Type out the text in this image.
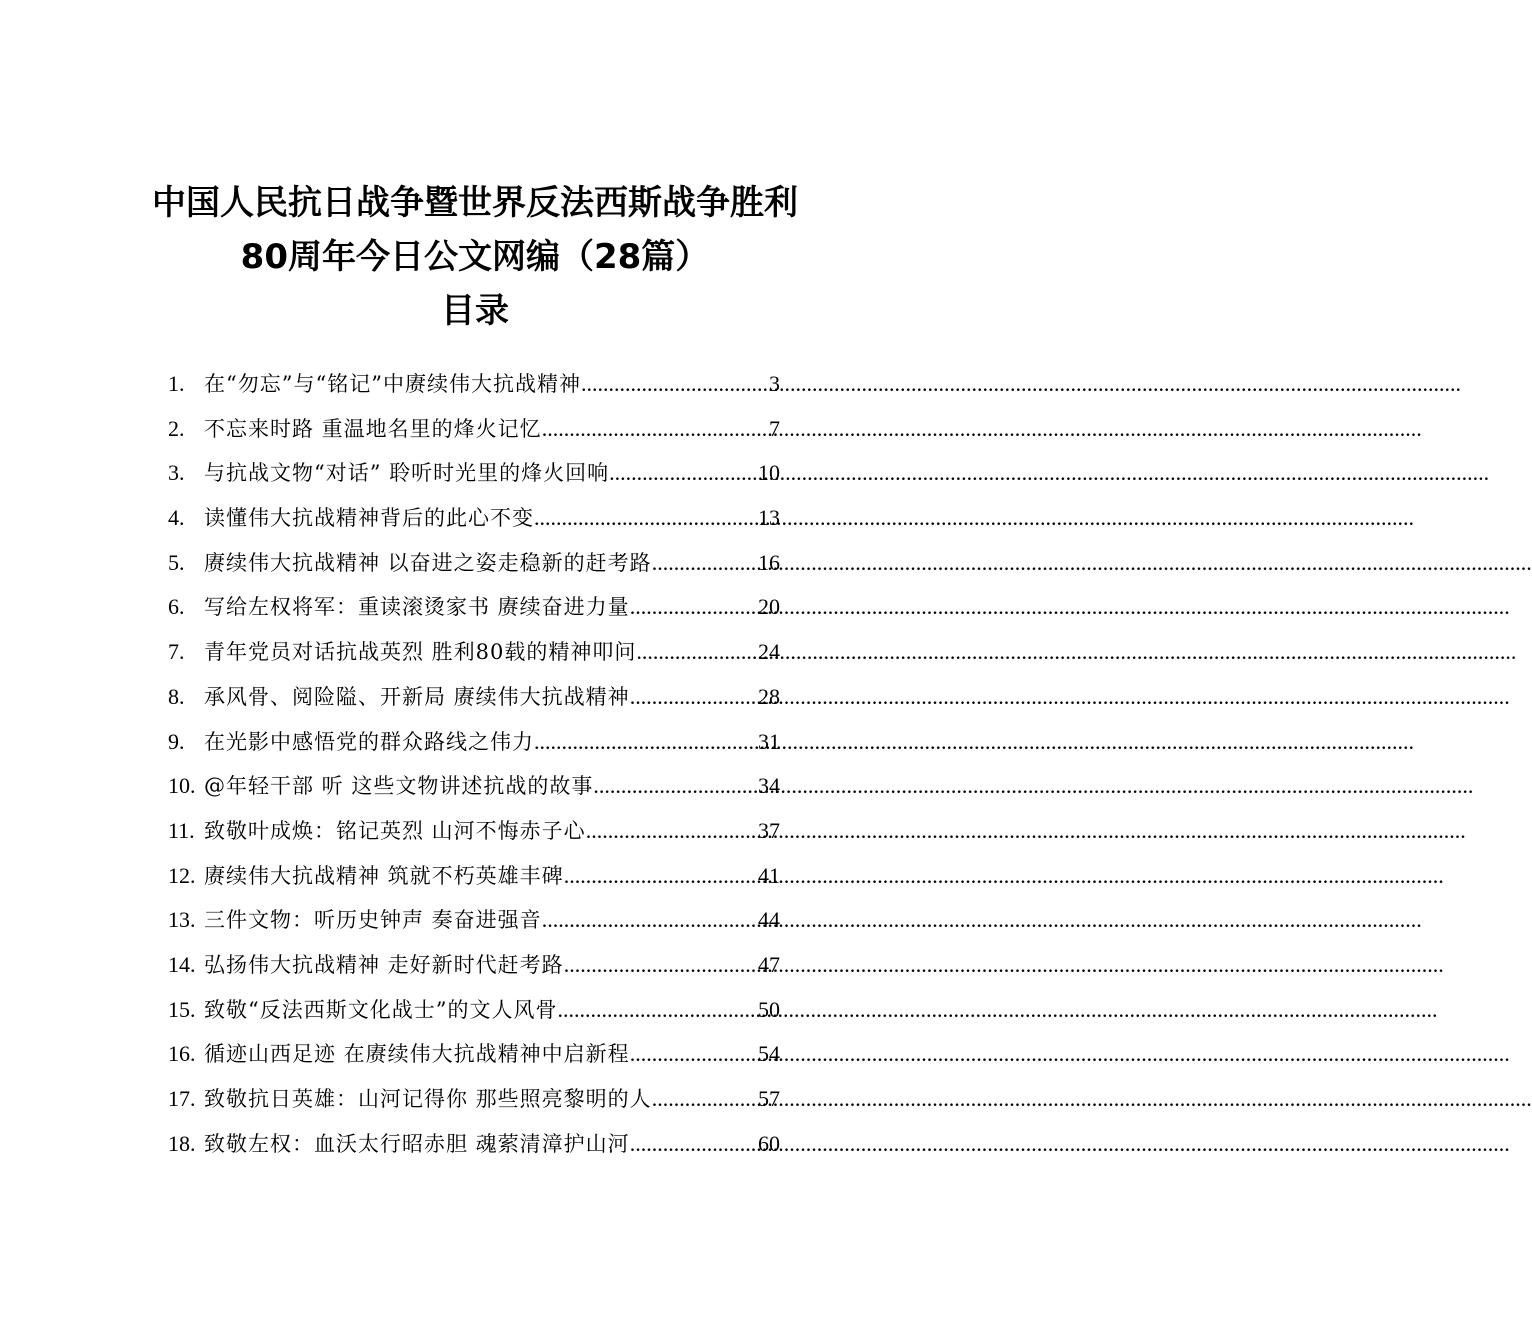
中国人民抗日战争暨世界反法西斯战争胜利
80周年今日公文网编（28篇）
目录
1. 在“勿忘”与“铭记”中赓续伟大抗战精神 .....	3
2. 不忘来时路 重温地名里的烽火记忆 .....	7
3. 与抗战文物“对话” 聆听时光里的烽火回响 .....	10
4. 读懂伟大抗战精神背后的此心不变 .....	13
5. 赓续伟大抗战精神 以奋进之姿走稳新的赶考路 .....	16
6. 写给左权将军：重读滚烫家书 赓续奋进力量 .....	20
7. 青年党员对话抗战英烈 胜利80载的精神叩问 .....	24
8. 承风骨、阅险隘、开新局 赓续伟大抗战精神 .....	28
9. 在光影中感悟党的群众路线之伟力 .....	31
10. @年轻干部 听 这些文物讲述抗战的故事 .....	34
11. 致敬叶成焕：铭记英烈 山河不悔赤子心 .....	37
12. 赓续伟大抗战精神 筑就不朽英雄丰碑 .....	41
13. 三件文物：听历史钟声 奏奋进强音 .....	44
14. 弘扬伟大抗战精神 走好新时代赶考路 .....	47
15. 致敬“反法西斯文化战士”的文人风骨 .....	50
16. 循迹山西足迹 在赓续伟大抗战精神中启新程 .....	54
17. 致敬抗日英雄：山河记得你 那些照亮黎明的人 .....	57
18. 致敬左权：血沃太行昭赤胆 魂萦清漳护山河 .....	60
